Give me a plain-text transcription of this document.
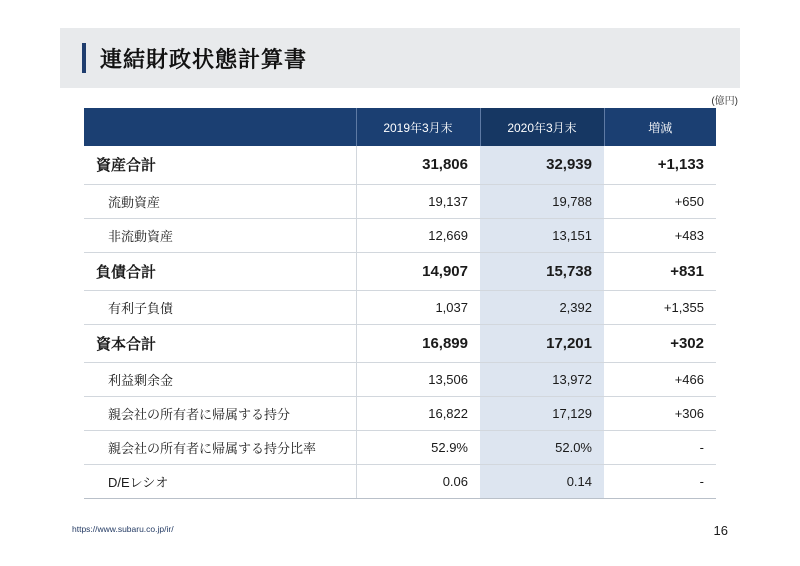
連結財政状態計算書
(億円)
	2019年3月末	2020年3月末	増減
資産合計	31,806	32,939	+1,133
流動資産	19,137	19,788	+650
非流動資産	12,669	13,151	+483
負債合計	14,907	15,738	+831
有利子負債	1,037	2,392	+1,355
資本合計	16,899	17,201	+302
利益剰余金	13,506	13,972	+466
親会社の所有者に帰属する持分	16,822	17,129	+306
親会社の所有者に帰属する持分比率	52.9%	52.0%	-
D/Eレシオ	0.06	0.14	-
https://www.subaru.co.jp/ir/	16
